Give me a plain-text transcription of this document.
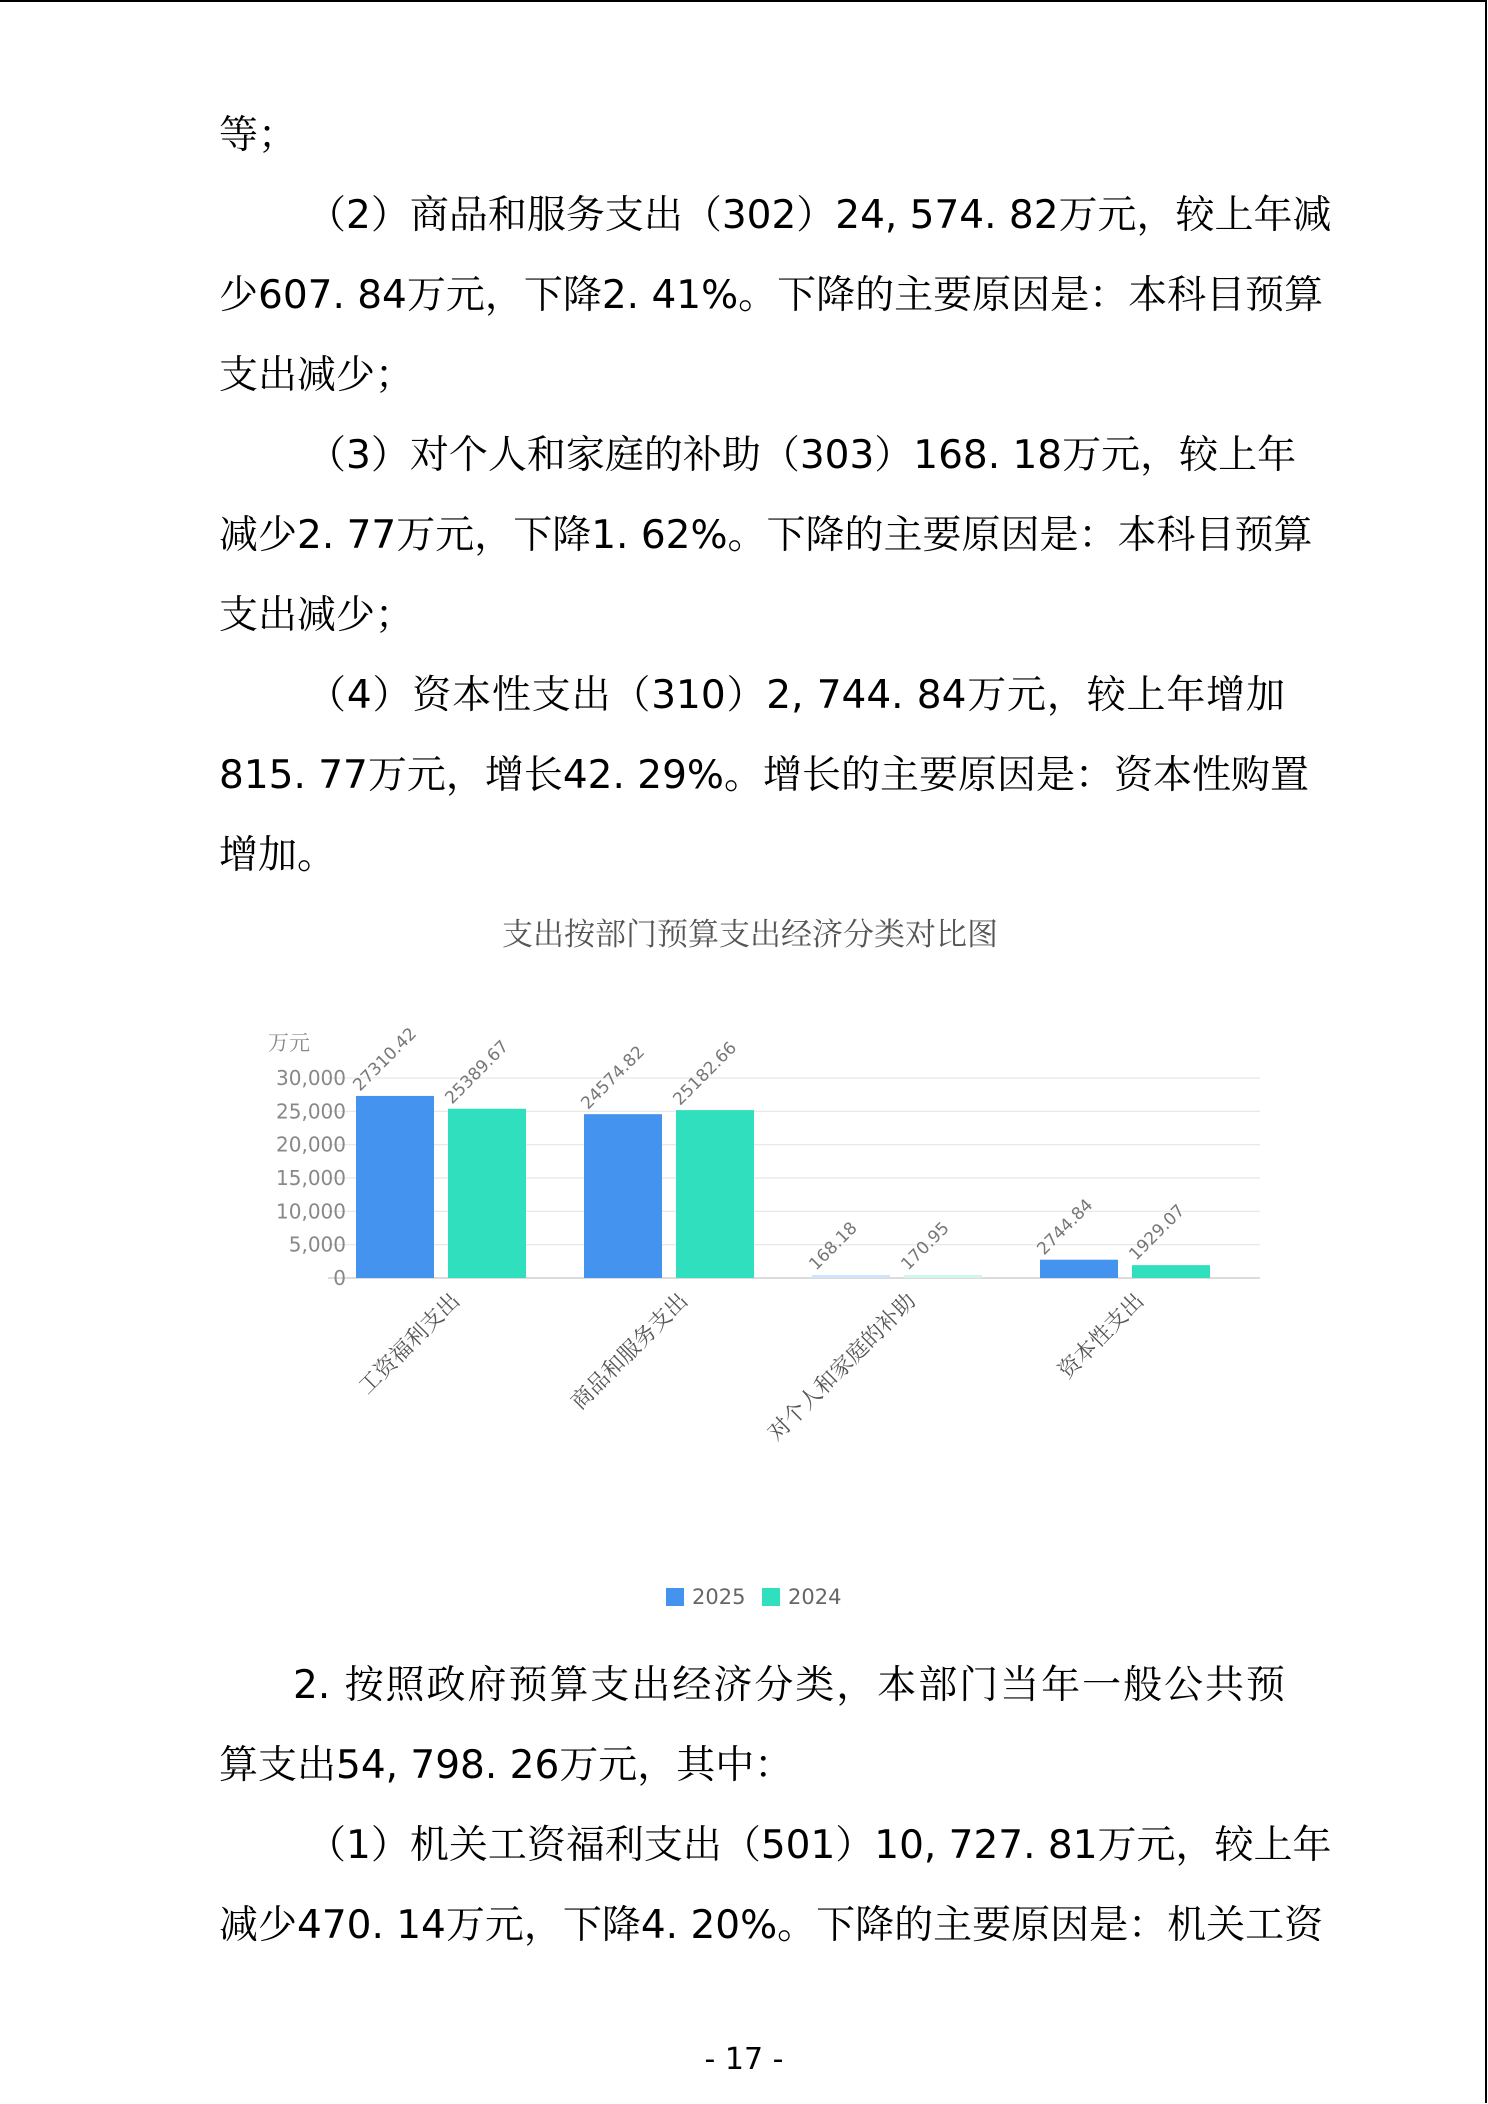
等；
（2）商品和服务支出（302）24, 574. 82万元，较上年减
少607. 84万元，下降2. 41%。下降的主要原因是：本科目预算
支出减少；
（3）对个人和家庭的补助（303）168. 18万元，较上年
减少2. 77万元，下降1. 62%。下降的主要原因是：本科目预算
支出减少；
（4）资本性支出（310）2, 744. 84万元，较上年增加
815. 77万元，增长42. 29%。增长的主要原因是：资本性购置
增加。
支出按部门预算支出经济分类对比图
万元
30,000
25,000
20,000
15,000
10,000
5,000
0
27310.42 25389.67
工资福利支出
24574.82 25182.66
商品和服务支出
168.18 170.95
对个人和家庭的补助
2744.84 1929.07
资本性支出
2025 2024
2. 按照政府预算支出经济分类，本部门当年一般公共预
算支出54, 798. 26万元，其中：
（1）机关工资福利支出（501）10, 727. 81万元，较上年
减少470. 14万元，下降4. 20%。下降的主要原因是：机关工资
- 17 -
